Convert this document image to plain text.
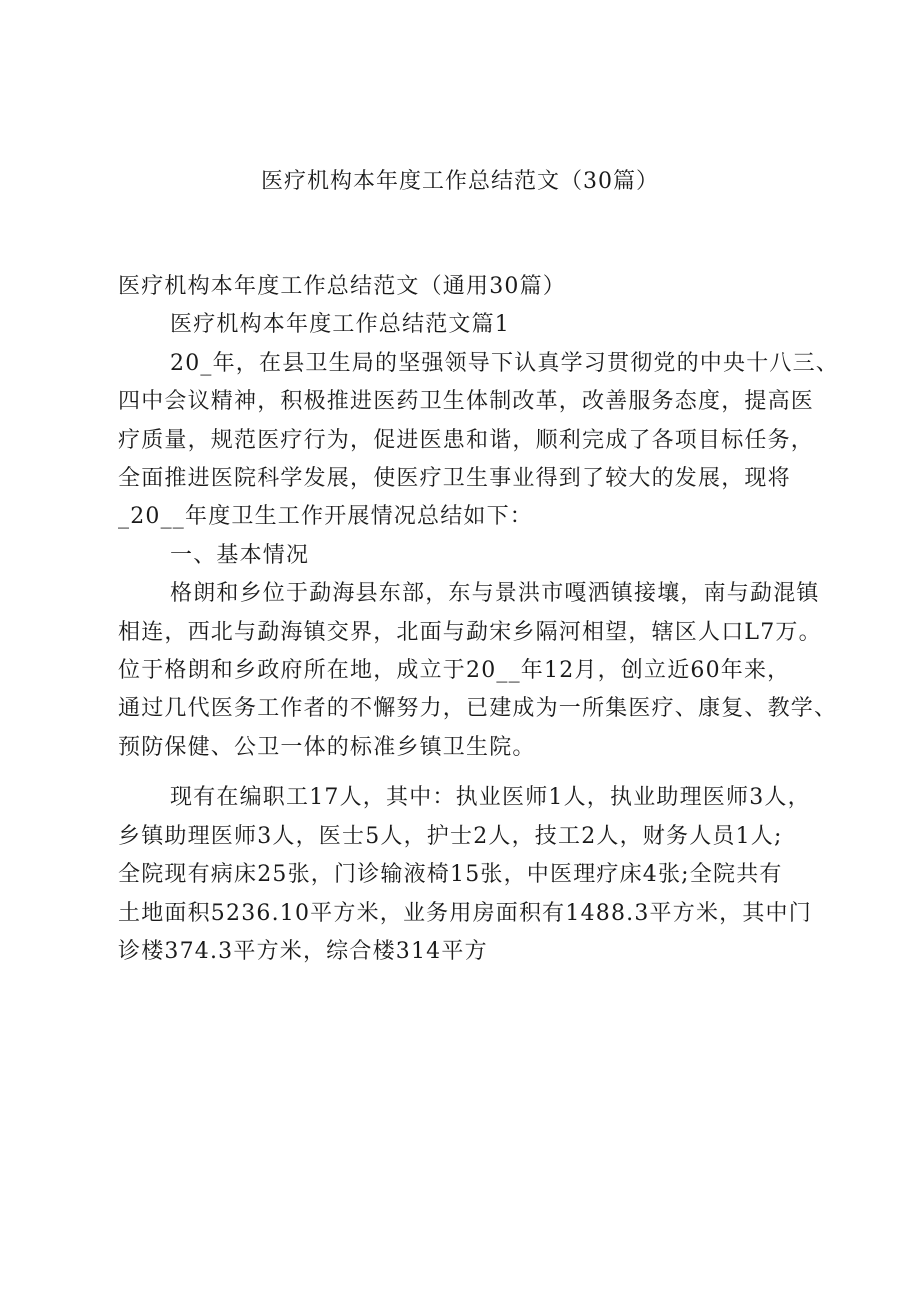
医疗机构本年度工作总结范文（30篇）

医疗机构本年度工作总结范文（通用30篇）

医疗机构本年度工作总结范文篇1

20_年，在县卫生局的坚强领导下认真学习贯彻党的中央十八三、

四中会议精神，积极推进医药卫生体制改革，改善服务态度，提高医

疗质量，规范医疗行为，促进医患和谐，顺利完成了各项目标任务，

全面推进医院科学发展，使医疗卫生事业得到了较大的发展，现将

_20__年度卫生工作开展情况总结如下：

一、基本情况

格朗和乡位于勐海县东部，东与景洪市嘎洒镇接壤，南与勐混镇

相连，西北与勐海镇交界，北面与勐宋乡隔河相望，辖区人口L7万。

位于格朗和乡政府所在地，成立于20__年12月，创立近60年来，

通过几代医务工作者的不懈努力，已建成为一所集医疗、康复、教学、

预防保健、公卫一体的标准乡镇卫生院。

现有在编职工17人，其中：执业医师1人，执业助理医师3人，

乡镇助理医师3人，医士5人，护士2人，技工2人，财务人员1人;

全院现有病床25张，门诊输液椅15张，中医理疗床4张;全院共有

土地面积5236.10平方米，业务用房面积有1488.3平方米，其中门

诊楼374.3平方米，综合楼314平方
